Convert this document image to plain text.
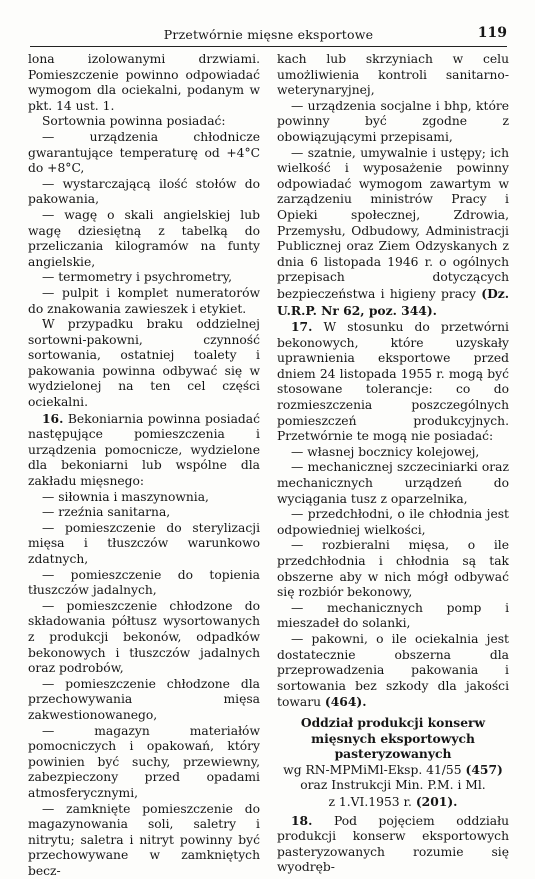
Przetwórnie mięsne eksportowe	119

lona izolowanymi drzwiami. Pomieszczenie powinno odpowiadać wymogom dla ociekalni, podanym w pkt. 14 ust. 1.

Sortownia powinna posiadać:

— urządzenia chłodnicze gwarantujące temperaturę od +4°C do +8°C,

— wystarczającą ilość stołów do pakowania,

— wagę o skali angielskiej lub wagę dziesiętną z tabelką do przeliczania kilogramów na funty angielskie,

— termometry i psychrometry,

— pulpit i komplet numeratorów do znakowania zawieszek i etykiet.

W przypadku braku oddzielnej sortowni-pakowni, czynność sortowania, ostatniej toalety i pakowania powinna odbywać się w wydzielonej na ten cel części ociekalni.

16. Bekoniarnia powinna posiadać następujące pomieszczenia i urządzenia pomocnicze, wydzielone dla bekoniarni lub wspólne dla zakładu mięsnego:

— siłownia i maszynownia,

— rzeźnia sanitarna,

— pomieszczenie do sterylizacji mięsa i tłuszczów warunkowo zdatnych,

— pomieszczenie do topienia tłuszczów jadalnych,

— pomieszczenie chłodzone do składowania półtusz wysortowanych z produkcji bekonów, odpadków bekonowych i tłuszczów jadalnych oraz podrobów,

— pomieszczenie chłodzone dla przechowywania mięsa zakwestionowanego,

— magazyn materiałów pomocniczych i opakowań, który powinien być suchy, przewiewny, zabezpieczony przed opadami atmosferycznymi,

— zamknięte pomieszczenie do magazynowania soli, saletry i nitrytu; saletra i nitryt powinny być przechowywane w zamkniętych becz-

kach lub skrzyniach w celu umożliwienia kontroli sanitarno-weterynaryjnej,

— urządzenia socjalne i bhp, które powinny być zgodne z obowiązującymi przepisami,

— szatnie, umywalnie i ustępy; ich wielkość i wyposażenie powinny odpowiadać wymogom zawartym w zarządzeniu ministrów Pracy i Opieki społecznej, Zdrowia, Przemysłu, Odbudowy, Administracji Publicznej oraz Ziem Odzyskanych z dnia 6 listopada 1946 r. o ogólnych przepisach dotyczących bezpieczeństwa i higieny pracy (Dz. U.R.P. Nr 62, poz. 344).

17. W stosunku do przetwórni bekonowych, które uzyskały uprawnienia eksportowe przed dniem 24 listopada 1955 r. mogą być stosowane tolerancje: co do rozmieszczenia poszczególnych pomieszczeń produkcyjnych. Przetwórnie te mogą nie posiadać:

— własnej bocznicy kolejowej,

— mechanicznej szczeciniarki oraz mechanicznych urządzeń do wyciągania tusz z oparzelnika,

— przedchłodni, o ile chłodnia jest odpowiedniej wielkości,

— rozbieralni mięsa, o ile przedchłodnia i chłodnia są tak obszerne aby w nich mógł odbywać się rozbiór bekonowy,

— mechanicznych pomp i mieszadeł do solanki,

— pakowni, o ile ociekalnia jest dostatecznie obszerna dla przeprowadzenia pakowania i sortowania bez szkody dla jakości towaru (464).

Oddział produkcji konserw mięsnych eksportowych pasteryzowanych

wg RN-MPMiMl-Eksp. 41/55 (457)

oraz Instrukcji Min. P.M. i Ml.

z 1.VI.1953 r. (201).

18. Pod pojęciem oddziału produkcji konserw eksportowych pasteryzowanych rozumie się wyodręb-
